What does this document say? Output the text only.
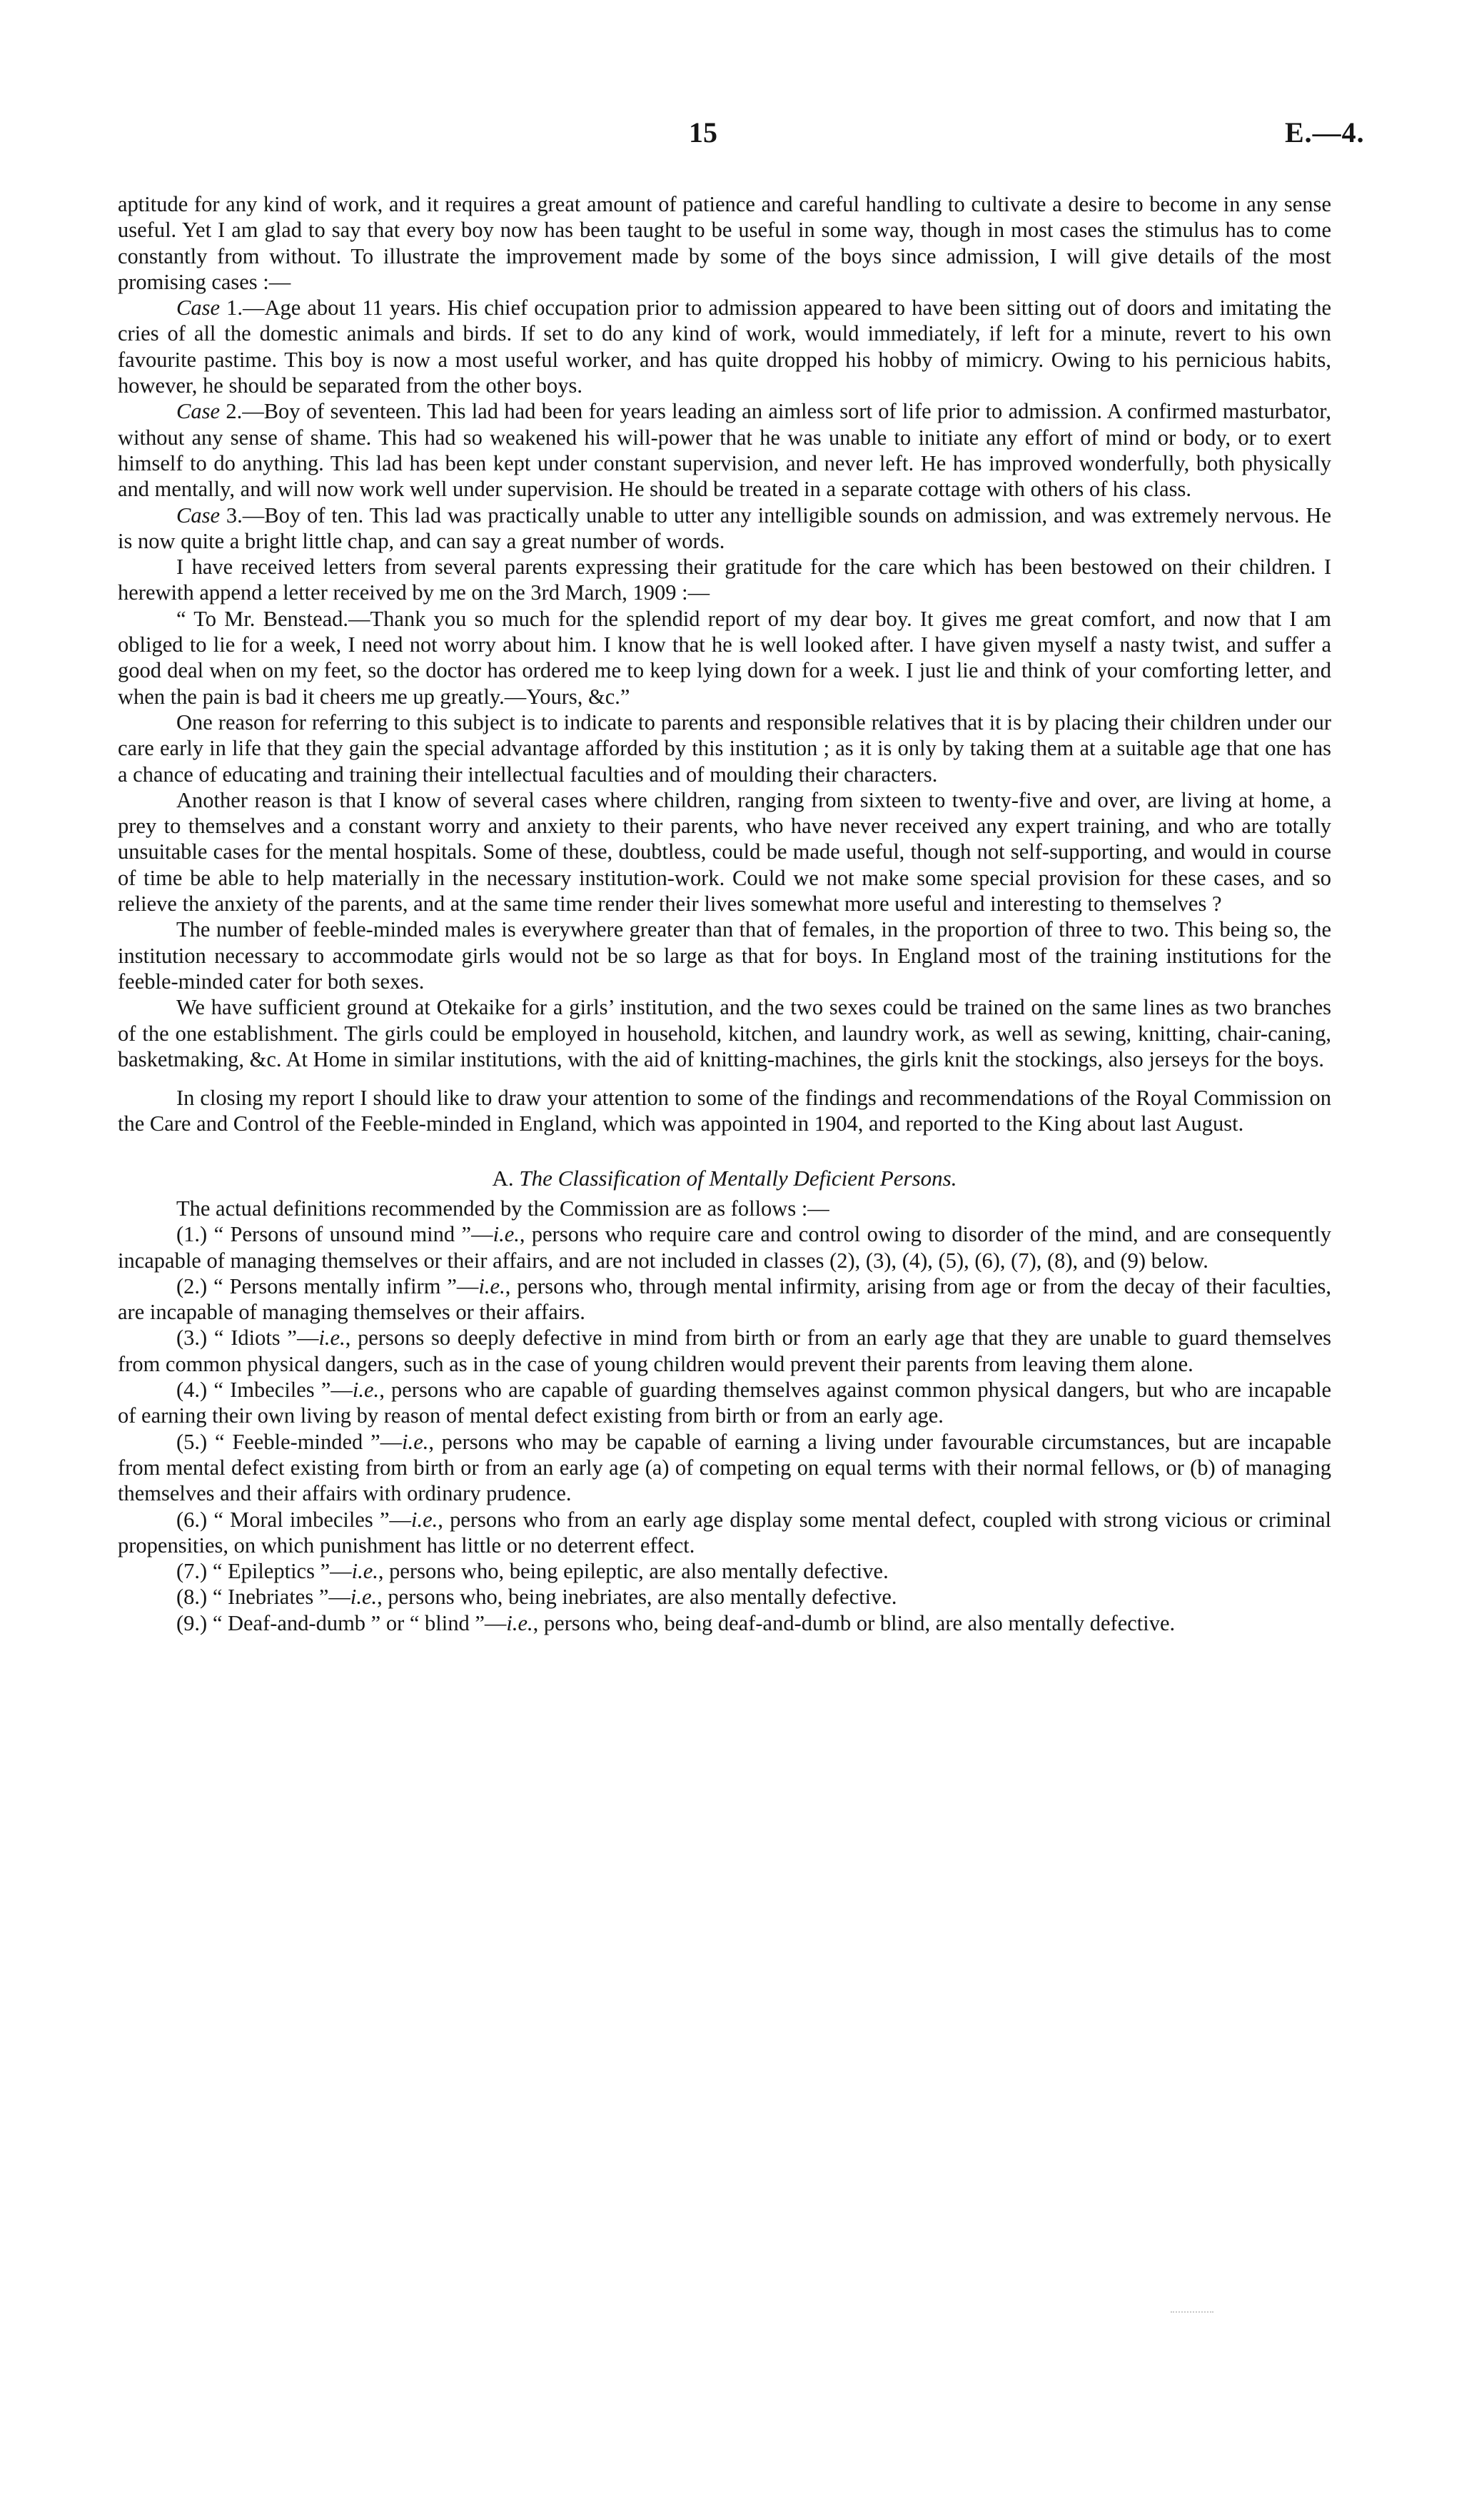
15	E.—4.

aptitude for any kind of work, and it requires a great amount of patience and careful handling to cultivate a desire to become in any sense useful. Yet I am glad to say that every boy now has been taught to be useful in some way, though in most cases the stimulus has to come constantly from without. To illustrate the improvement made by some of the boys since admission, I will give details of the most promising cases :—

Case 1.—Age about 11 years. His chief occupation prior to admission appeared to have been sitting out of doors and imitating the cries of all the domestic animals and birds. If set to do any kind of work, would immediately, if left for a minute, revert to his own favourite pastime. This boy is now a most useful worker, and has quite dropped his hobby of mimicry. Owing to his pernicious habits, however, he should be separated from the other boys.

Case 2.—Boy of seventeen. This lad had been for years leading an aimless sort of life prior to admission. A confirmed masturbator, without any sense of shame. This had so weakened his will-power that he was unable to initiate any effort of mind or body, or to exert himself to do anything. This lad has been kept under constant supervision, and never left. He has improved wonderfully, both physically and mentally, and will now work well under supervision. He should be treated in a separate cottage with others of his class.

Case 3.—Boy of ten. This lad was practically unable to utter any intelligible sounds on admission, and was extremely nervous. He is now quite a bright little chap, and can say a great number of words.

I have received letters from several parents expressing their gratitude for the care which has been bestowed on their children. I herewith append a letter received by me on the 3rd March, 1909 :—

“ To Mr. Benstead.—Thank you so much for the splendid report of my dear boy. It gives me great comfort, and now that I am obliged to lie for a week, I need not worry about him. I know that he is well looked after. I have given myself a nasty twist, and suffer a good deal when on my feet, so the doctor has ordered me to keep lying down for a week. I just lie and think of your comforting letter, and when the pain is bad it cheers me up greatly.—Yours, &c.”

One reason for referring to this subject is to indicate to parents and responsible relatives that it is by placing their children under our care early in life that they gain the special advantage afforded by this institution ; as it is only by taking them at a suitable age that one has a chance of educating and training their intellectual faculties and of moulding their characters.

Another reason is that I know of several cases where children, ranging from sixteen to twenty-five and over, are living at home, a prey to themselves and a constant worry and anxiety to their parents, who have never received any expert training, and who are totally unsuitable cases for the mental hospitals. Some of these, doubtless, could be made useful, though not self-supporting, and would in course of time be able to help materially in the necessary institution-work. Could we not make some special provision for these cases, and so relieve the anxiety of the parents, and at the same time render their lives somewhat more useful and interesting to themselves ?

The number of feeble-minded males is everywhere greater than that of females, in the proportion of three to two. This being so, the institution necessary to accommodate girls would not be so large as that for boys. In England most of the training institutions for the feeble-minded cater for both sexes.

We have sufficient ground at Otekaike for a girls’ institution, and the two sexes could be trained on the same lines as two branches of the one establishment. The girls could be employed in household, kitchen, and laundry work, as well as sewing, knitting, chair-caning, basketmaking, &c. At Home in similar institutions, with the aid of knitting-machines, the girls knit the stockings, also jerseys for the boys.

In closing my report I should like to draw your attention to some of the findings and recommendations of the Royal Commission on the Care and Control of the Feeble-minded in England, which was appointed in 1904, and reported to the King about last August.

A. The Classification of Mentally Deficient Persons.

The actual definitions recommended by the Commission are as follows :—

(1.) “ Persons of unsound mind ”—i.e., persons who require care and control owing to disorder of the mind, and are consequently incapable of managing themselves or their affairs, and are not included in classes (2), (3), (4), (5), (6), (7), (8), and (9) below.

(2.) “ Persons mentally infirm ”—i.e., persons who, through mental infirmity, arising from age or from the decay of their faculties, are incapable of managing themselves or their affairs.

(3.) “ Idiots ”—i.e., persons so deeply defective in mind from birth or from an early age that they are unable to guard themselves from common physical dangers, such as in the case of young children would prevent their parents from leaving them alone.

(4.) “ Imbeciles ”—i.e., persons who are capable of guarding themselves against common physical dangers, but who are incapable of earning their own living by reason of mental defect existing from birth or from an early age.

(5.) “ Feeble-minded ”—i.e., persons who may be capable of earning a living under favourable circumstances, but are incapable from mental defect existing from birth or from an early age (a) of competing on equal terms with their normal fellows, or (b) of managing themselves and their affairs with ordinary prudence.

(6.) “ Moral imbeciles ”—i.e., persons who from an early age display some mental defect, coupled with strong vicious or criminal propensities, on which punishment has little or no deterrent effect.

(7.) “ Epileptics ”—i.e., persons who, being epileptic, are also mentally defective.

(8.) “ Inebriates ”—i.e., persons who, being inebriates, are also mentally defective.

(9.) “ Deaf-and-dumb ” or “ blind ”—i.e., persons who, being deaf-and-dumb or blind, are also mentally defective.
